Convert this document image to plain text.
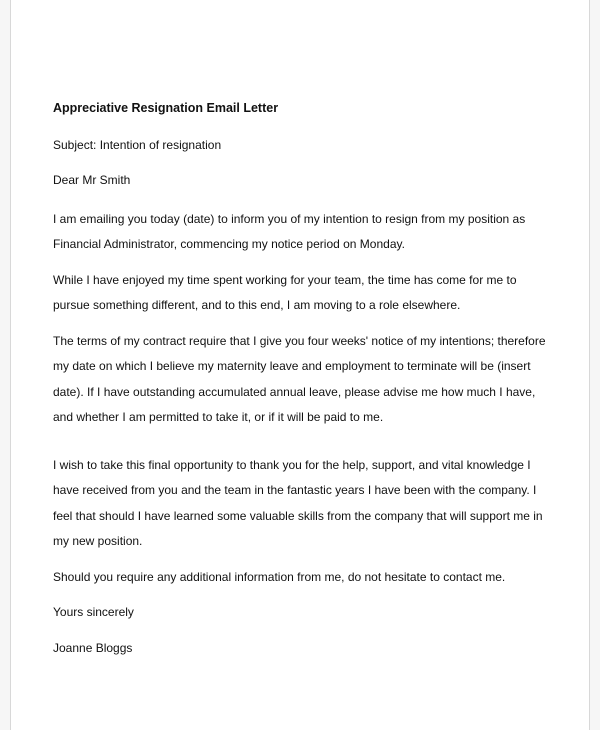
Appreciative Resignation Email Letter

Subject: Intention of resignation

Dear Mr Smith

I am emailing you today (date) to inform you of my intention to resign from my position as Financial Administrator, commencing my notice period on Monday.

While I have enjoyed my time spent working for your team, the time has come for me to pursue something different, and to this end, I am moving to a role elsewhere.

The terms of my contract require that I give you four weeks' notice of my intentions; therefore my date on which I believe my maternity leave and employment to terminate will be (insert date). If I have outstanding accumulated annual leave, please advise me how much I have, and whether I am permitted to take it, or if it will be paid to me.

I wish to take this final opportunity to thank you for the help, support, and vital knowledge I have received from you and the team in the fantastic years I have been with the company. I feel that should I have learned some valuable skills from the company that will support me in my new position.

Should you require any additional information from me, do not hesitate to contact me.

Yours sincerely

Joanne Bloggs
